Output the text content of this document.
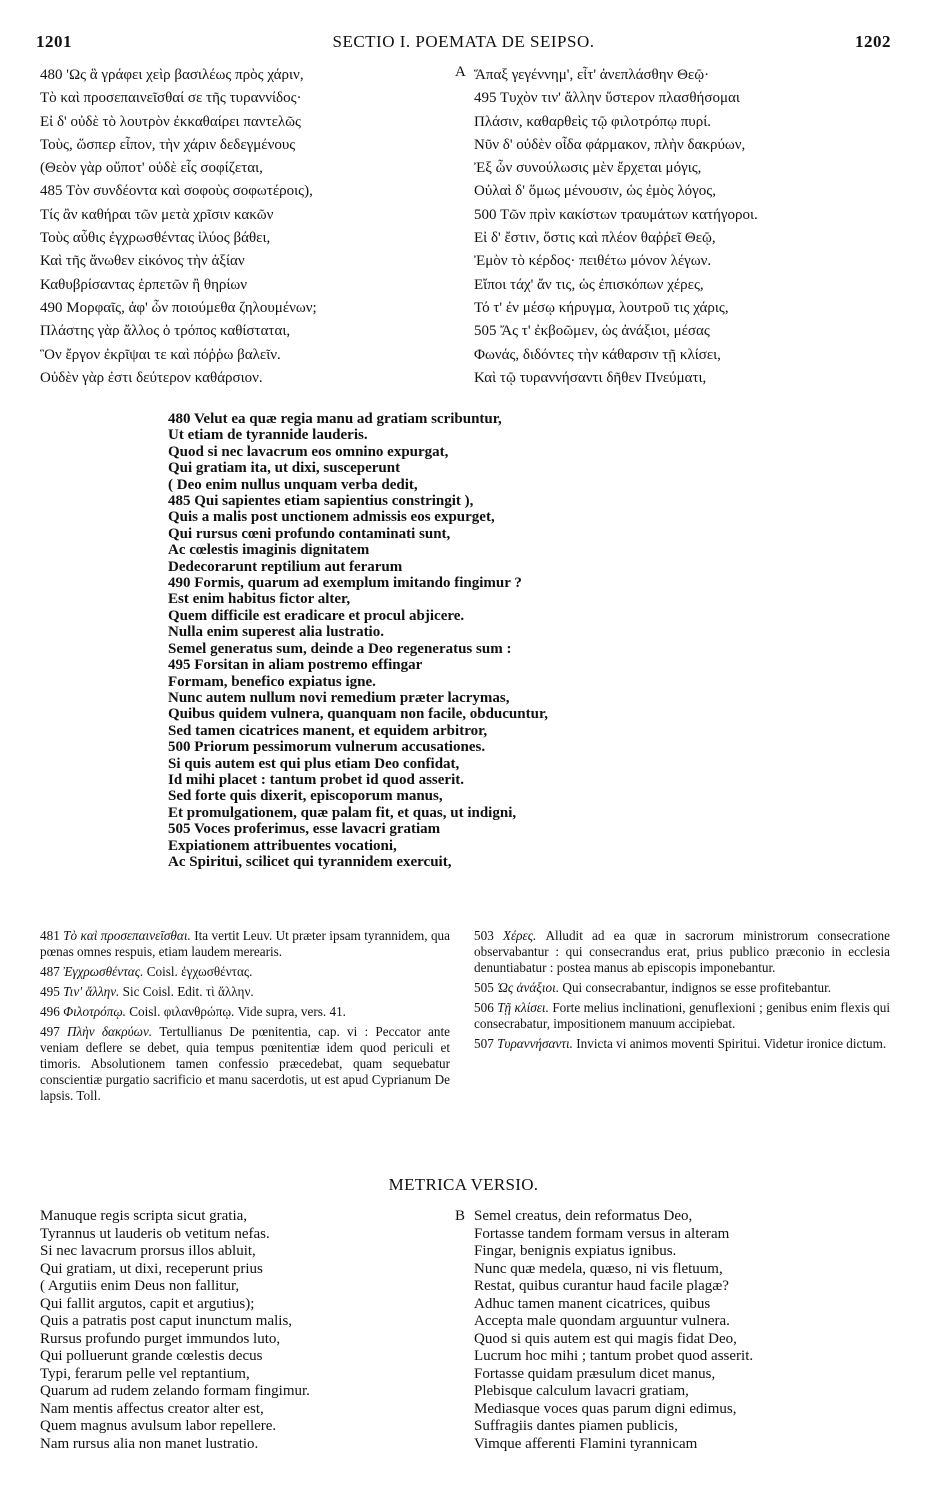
1201	SECTIO I. POEMATA DE SEIPSO.	1202
A
B
480 'Ως ἃ γράφει χεὶρ βασιλέως πρὸς χάριν,
Τὸ καὶ προσεπαινεῖσθαί σε τῆς τυραννίδος·
Εἰ δ' οὐδὲ τὸ λουτρὸν ἐκκαθαίρει παντελῶς
Τοὺς, ὥσπερ εἶπον, τὴν χάριν δεδεγμένους
(Θεὸν γὰρ οὔποτ' οὐδὲ εἷς σοφίζεται,
485 Τὸν συνδέοντα καὶ σοφοὺς σοφωτέροις),
Τίς ἂν καθήραι τῶν μετὰ χρῖσιν κακῶν
Τοὺς αὖθις ἐγχρωσθέντας ἰλύος βάθει,
Καὶ τῆς ἄνωθεν εἰκόνος τὴν ἀξίαν
Καθυβρίσαντας ἑρπετῶν ἢ θηρίων
490 Μορφαῖς, ἀφ' ὧν ποιούμεθα ζηλουμένων;
Πλάστης γὰρ ἄλλος ὁ τρόπος καθίσταται,
Ὃν ἔργον ἐκρῖψαι τε καὶ πόῤῥω βαλεῖν.
Οὐδὲν γὰρ ἐστι δεύτερον καθάρσιον.
Ἅπαξ γεγέννημ', εἶτ' ἀνεπλάσθην Θεῷ·
495 Τυχὸν τιν' ἄλλην ὕστερον πλασθήσομαι
Πλάσιν, καθαρθεὶς τῷ φιλοτρόπῳ πυρί.
Νῦν δ' οὐδὲν οἶδα φάρμακον, πλὴν δακρύων,
Ἐξ ὧν συνούλωσις μὲν ἔρχεται μόγις,
Οὐλαὶ δ' ὅμως μένουσιν, ὡς ἐμὸς λόγος,
500 Τῶν πρὶν κακίστων τραυμάτων κατήγοροι.
Εἰ δ' ἔστιν, ὅστις καὶ πλέον θαῤῥεῖ Θεῷ,
Ἐμὸν τὸ κέρδος· πειθέτω μόνον λέγων.
Εἴποι τάχ' ἄν τις, ὡς ἐπισκόπων χέρες,
Τό τ' ἐν μέσῳ κήρυγμα, λουτροῦ τις χάρις,
505 Ἄς τ' ἐκβοῶμεν, ὡς ἀνάξιοι, μέσας
Φωνάς, διδόντες τὴν κάθαρσιν τῇ κλίσει,
Καὶ τῷ τυραννήσαντι δῆθεν Πνεύματι,
480 Velut ea quæ regia manu ad gratiam scribuntur,
Ut etiam de tyrannide lauderis.
Quod si nec lavacrum eos omnino expurgat,
Qui gratiam ita, ut dixi, susceperunt
( Deo enim nullus unquam verba dedit,
485 Qui sapientes etiam sapientius constringit ),
Quis a malis post unctionem admissis eos expurget,
Qui rursus cœni profundo contaminati sunt,
Ac cœlestis imaginis dignitatem
Dedecorarunt reptilium aut ferarum
490 Formis, quarum ad exemplum imitando fingimur ?
Est enim habitus fictor alter,
Quem difficile est eradicare et procul abjicere.
Nulla enim superest alia lustratio.
Semel generatus sum, deinde a Deo regeneratus sum :
495 Forsitan in aliam postremo effingar
Formam, benefico expiatus igne.
Nunc autem nullum novi remedium præter lacrymas,
Quibus quidem vulnera, quanquam non facile, obducuntur,
Sed tamen cicatrices manent, et equidem arbitror,
500 Priorum pessimorum vulnerum accusationes.
Si quis autem est qui plus etiam Deo confidat,
Id mihi placet : tantum probet id quod asserit.
Sed forte quis dixerit, episcoporum manus,
Et promulgationem, quæ palam fit, et quas, ut indigni,
505 Voces proferimus, esse lavacri gratiam
Expiationem attribuentes vocationi,
Ac Spiritui, scilicet qui tyrannidem exercuit,

481 Τὸ καὶ προσεπαινεῖσθαι. Ita vertit Leuv. Ut præter ipsam tyrannidem, qua pœnas omnes respuis, etiam laudem merearis.

487 Ἐγχρωσθέντας. Coisl. ἐγχωσθέντας.

495 Τιν' ἄλλην. Sic Coisl. Edit. τὶ ἄλλην.

496 Φιλοτρόπῳ. Coisl. φιλανθρώπῳ. Vide supra, vers. 41.

497 Πλὴν δακρύων. Tertullianus De pœnitentia, cap. vi : Peccator ante veniam deflere se debet, quia tempus pœnitentiæ idem quod periculi et timoris. Absolutionem tamen confessio præcedebat, quam sequebatur conscientiæ purgatio sacrificio et manu sacerdotis, ut est apud Cyprianum De lapsis. Toll.

503 Χέρες. Alludit ad ea quæ in sacrorum ministrorum consecratione observabantur : qui consecrandus erat, prius publico præconio in ecclesia denuntiabatur : postea manus ab episcopis imponebantur.

505 Ὡς ἀνάξιοι. Qui consecrabantur, indignos se esse profitebantur.

506 Τῇ κλίσει. Forte melius inclinationi, genuflexioni ; genibus enim flexis qui consecrabatur, impositionem manuum accipiebat.

507 Τυραννήσαντι. Invicta vi animos moventi Spiritui. Videtur ironice dictum.

METRICA VERSIO.
Manuque regis scripta sicut gratia,
Tyrannus ut lauderis ob vetitum nefas.
Si nec lavacrum prorsus illos abluit,
Qui gratiam, ut dixi, receperunt prius
( Argutiis enim Deus non fallitur,
Qui fallit argutos, capit et argutius);
Quis a patratis post caput inunctum malis,
Rursus profundo purget immundos luto,
Qui polluerunt grande cœlestis decus
Typi, ferarum pelle vel reptantium,
Quarum ad rudem zelando formam fingimur.
Nam mentis affectus creator alter est,
Quem magnus avulsum labor repellere.
Nam rursus alia non manet lustratio.
Semel creatus, dein reformatus Deo,
Fortasse tandem formam versus in alteram
Fingar, benignis expiatus ignibus.
Nunc quæ medela, quæso, ni vis fletuum,
Restat, quibus curantur haud facile plagæ?
Adhuc tamen manent cicatrices, quibus
Accepta male quondam arguuntur vulnera.
Quod si quis autem est qui magis fidat Deo,
Lucrum hoc mihi ; tantum probet quod asserit.
Fortasse quidam præsulum dicet manus,
Plebisque calculum lavacri gratiam,
Mediasque voces quas parum digni edimus,
Suffragiis dantes piamen publicis,
Vimque afferenti Flamini tyrannicam
